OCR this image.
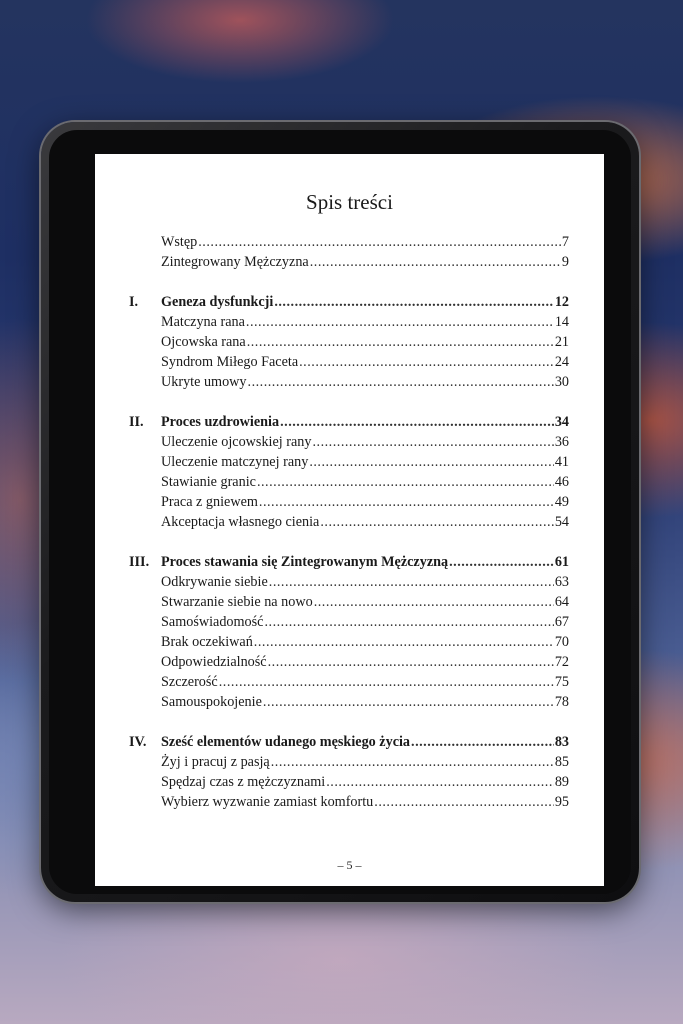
Spis treści
Wstęp .....	7
Zintegrowany Mężczyzna .....	9
I.	Geneza dysfunkcji .....	12
Matczyna rana .....	14
Ojcowska rana .....	21
Syndrom Miłego Faceta .....	24
Ukryte umowy .....	30
II.	Proces uzdrowienia .....	34
Uleczenie ojcowskiej rany .....	36
Uleczenie matczynej rany .....	41
Stawianie granic .....	46
Praca z gniewem .....	49
Akceptacja własnego cienia .....	54
III. Proces stawania się Zintegrowanym Mężczyzną .....	61
Odkrywanie siebie .....	63
Stwarzanie siebie na nowo .....	64
Samoświadomość .....	67
Brak oczekiwań .....	70
Odpowiedzialność .....	72
Szczerość .....	75
Samouspokojenie .....	78
IV.	Sześć elementów udanego męskiego życia .....	83
Żyj i pracuj z pasją .....	85
Spędzaj czas z mężczyznami .....	89
Wybierz wyzwanie zamiast komfortu .....	95
– 5 –
